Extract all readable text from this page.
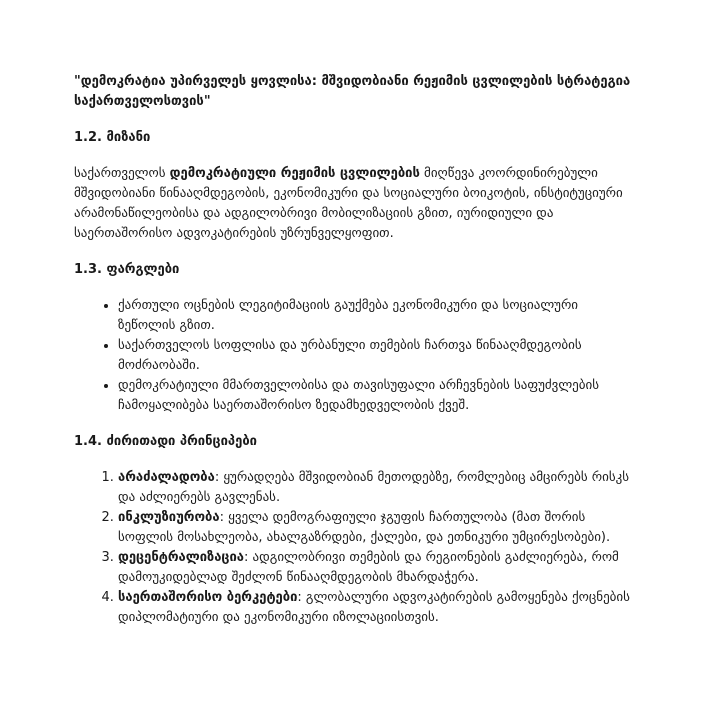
"დემოკრატია უპირველეს ყოვლისა: მშვიდობიანი რეჟიმის ცვლილების სტრატეგია საქართველოსთვის"
1.2. მიზანი

საქართველოს დემოკრატიული რეჟიმის ცვლილების მიღწევა კოორდინირებული მშვიდობიანი წინააღმდეგობის, ეკონომიკური და სოციალური ბოიკოტის, ინსტიტუციური არამონაწილეობისა და ადგილობრივი მობილიზაციის გზით, იურიდიული და საერთაშორისო ადვოკატირების უზრუნველყოფით.

1.3. ფარგლები
• ქართული ოცნების ლეგიტიმაციის გაუქმება ეკონომიკური და სოციალური ზეწოლის გზით.
• საქართველოს სოფლისა და ურბანული თემების ჩართვა წინააღმდეგობის მოძრაობაში.
• დემოკრატიული მმართველობისა და თავისუფალი არჩევნების საფუძვლების ჩამოყალიბება საერთაშორისო ზედამხედველობის ქვეშ.
1.4. ძირითადი პრინციპები
1. არაძალადობა: ყურადღება მშვიდობიან მეთოდებზე, რომლებიც ამცირებს რისკს და აძლიერებს გავლენას.
2. ინკლუზიურობა: ყველა დემოგრაფიული ჯგუფის ჩართულობა (მათ შორის სოფლის მოსახლეობა, ახალგაზრდები, ქალები, და ეთნიკური უმცირესობები).
3. დეცენტრალიზაცია: ადგილობრივი თემების და რეგიონების გაძლიერება, რომ დამოუკიდებლად შეძლონ წინააღმდეგობის მხარდაჭერა.
4. საერთაშორისო ბერკეტები: გლობალური ადვოკატირების გამოყენება ქოცნების დიპლომატიური და ეკონომიკური იზოლაციისთვის.
